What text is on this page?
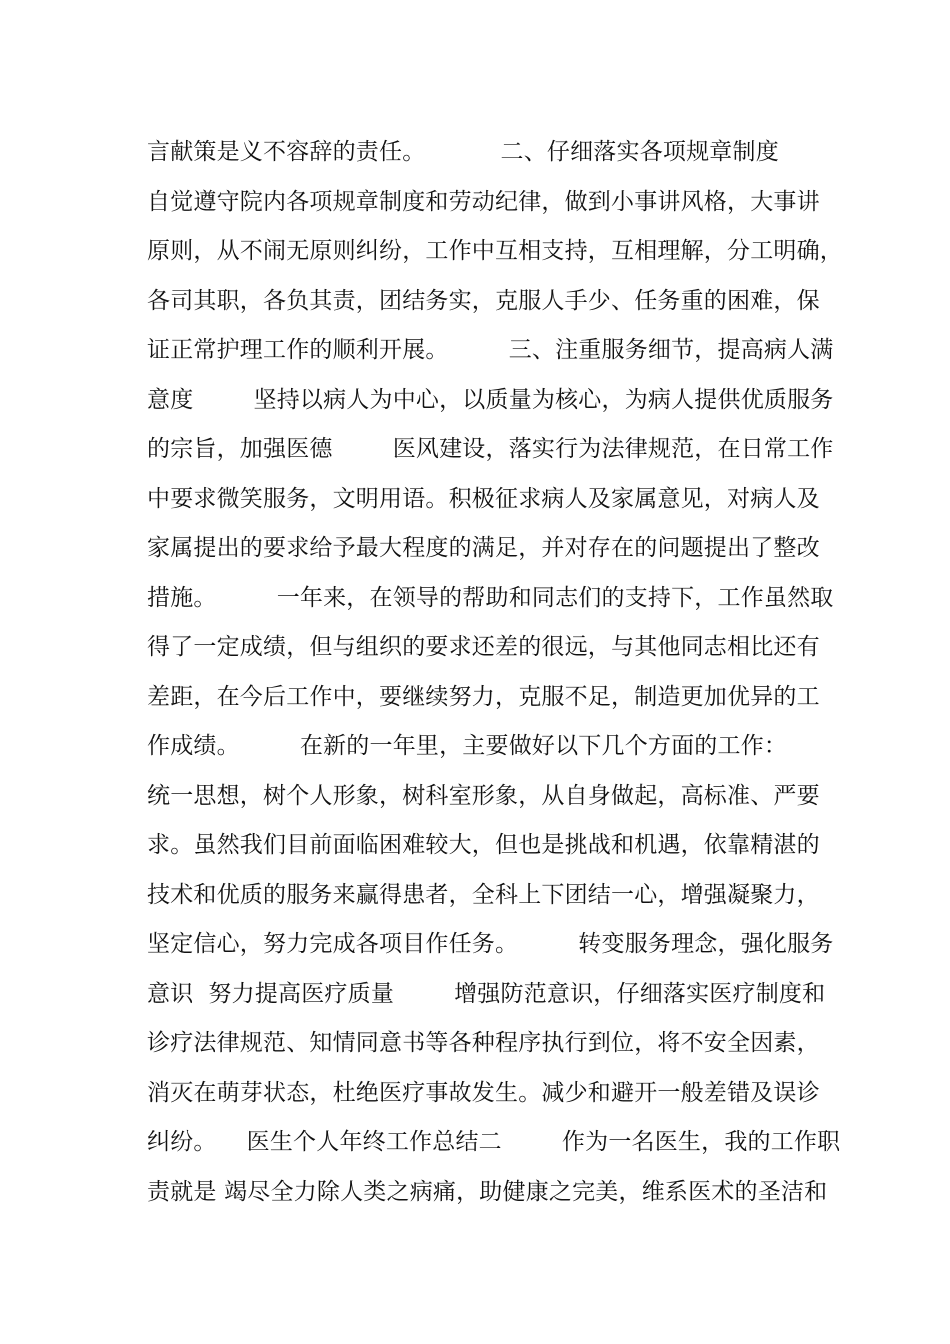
言献策是义不容辞的责任。          二、仔细落实各项规章制度
自觉遵守院内各项规章制度和劳动纪律，做到小事讲风格，大事讲
原则，从不闹无原则纠纷，工作中互相支持，互相理解，分工明确，
各司其职，各负其责，团结务实，克服人手少、任务重的困难，保
证正常护理工作的顺利开展。        三、注重服务细节，提高病人满
意度        坚持以病人为中心，以质量为核心，为病人提供优质服务
的宗旨，加强医德        医风建设，落实行为法律规范，在日常工作
中要求微笑服务，文明用语。积极征求病人及家属意见，对病人及
家属提出的要求给予最大程度的满足，并对存在的问题提出了整改
措施。        一年来，在领导的帮助和同志们的支持下，工作虽然取
得了一定成绩，但与组织的要求还差的很远，与其他同志相比还有
差距，在今后工作中，要继续努力，克服不足，制造更加优异的工
作成绩。        在新的一年里，主要做好以下几个方面的工作：
统一思想，树个人形象，树科室形象，从自身做起，高标准、严要
求。虽然我们目前面临困难较大，但也是挑战和机遇，依靠精湛的
技术和优质的服务来赢得患者，全科上下团结一心，增强凝聚力，
坚定信心，努力完成各项目作任务。        转变服务理念，强化服务
意识  努力提高医疗质量        增强防范意识，仔细落实医疗制度和
诊疗法律规范、知情同意书等各种程序执行到位，将不安全因素，
消灭在萌芽状态，杜绝医疗事故发生。减少和避开一般差错及误诊
纠纷。    医生个人年终工作总结二        作为一名医生，我的工作职
责就是 竭尽全力除人类之病痛，助健康之完美，维系医术的圣洁和
